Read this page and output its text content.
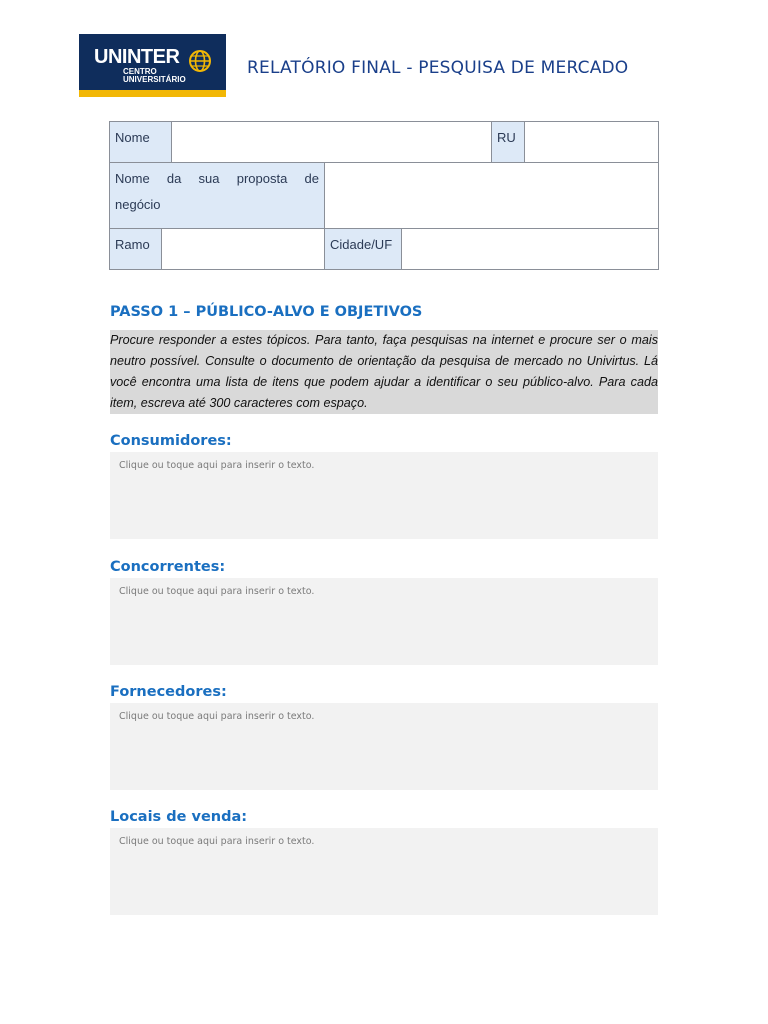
UNINTER
CENTRO
UNIVERSITÁRIO
RELATÓRIO FINAL - PESQUISA DE MERCADO
Nome		RU	
Nome da sua proposta de
negócio

Ramo		Cidade/UF	
PASSO 1 – PÚBLICO-ALVO E OBJETIVOS
Procure responder a estes tópicos. Para tanto, faça pesquisas na internet e procure ser o mais neutro possível. Consulte o documento de orientação da pesquisa de mercado no Univirtus. Lá você encontra uma lista de itens que podem ajudar a identificar o seu público-alvo. Para cada item, escreva até 300 caracteres com espaço.
Consumidores:
Clique ou toque aqui para inserir o texto.
Concorrentes:
Clique ou toque aqui para inserir o texto.
Fornecedores:
Clique ou toque aqui para inserir o texto.
Locais de venda:
Clique ou toque aqui para inserir o texto.
